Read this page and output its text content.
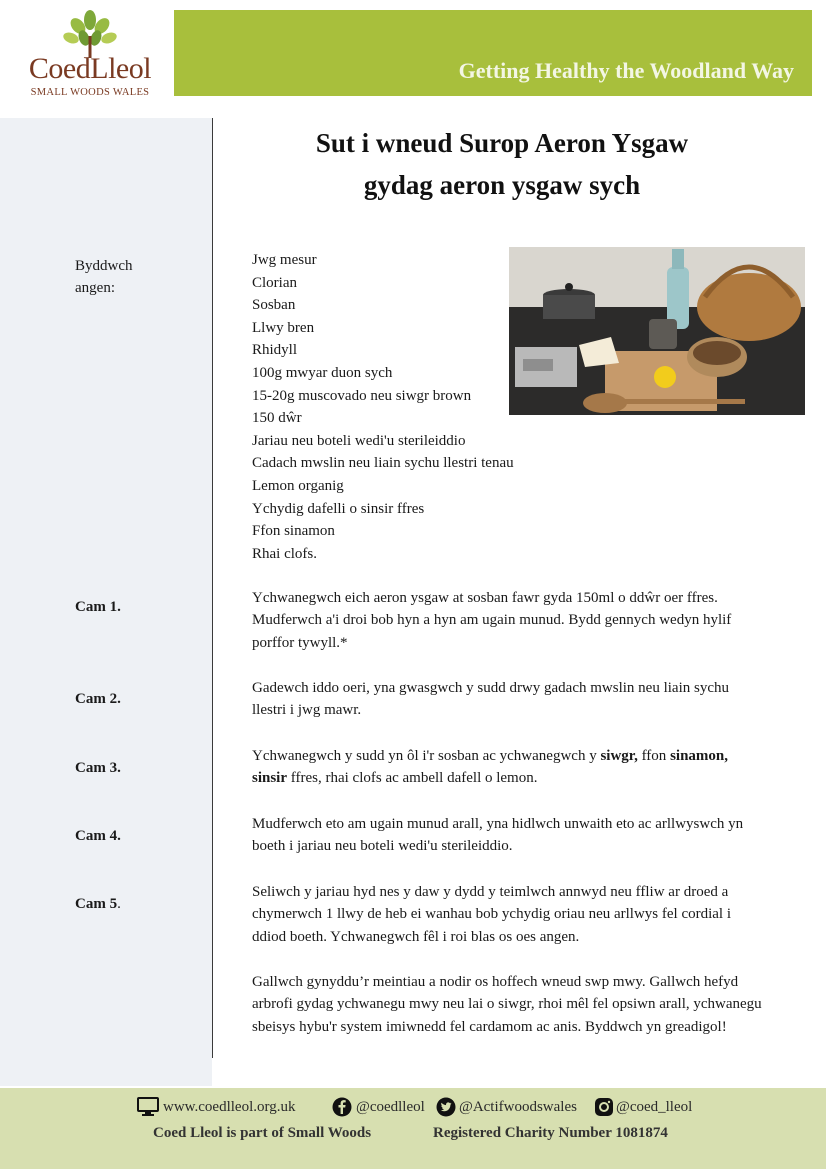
CoedLleol
SMALL WOODS WALES
Getting Healthy the Woodland Way
Sut i wneud Surop Aeron Ysgaw
gydag aeron ysgaw sych
Byddwch
angen:
Jwg mesur
Clorian
Sosban
Llwy bren
Rhidyll
100g mwyar duon sych
15-20g muscovado neu siwgr brown
150 dŵr
Jariau neu boteli wedi'u sterileiddio
Cadach mwslin neu liain sychu llestri tenau
Lemon organig
Ychydig dafelli o sinsir ffres
Ffon sinamon
Rhai clofs.
Cam 1.
Ychwanegwch eich aeron ysgaw at sosban fawr gyda 150ml o ddŵr oer ffres. Mudferwch a'i droi bob hyn a hyn am ugain munud. Bydd gennych wedyn hylif porffor tywyll.*
Cam 2.
Gadewch iddo oeri, yna gwasgwch y sudd drwy gadach mwslin neu liain sychu llestri i jwg mawr.
Cam 3.
Ychwanegwch y sudd yn ôl i'r sosban ac ychwanegwch y siwgr, ffon sinamon, sinsir ffres, rhai clofs ac ambell dafell o lemon.
Cam 4.
Mudferwch eto am ugain munud arall, yna hidlwch unwaith eto ac arllwyswch yn boeth i jariau neu boteli wedi'u sterileiddio.
Cam 5.
Seliwch y jariau hyd nes y daw y dydd y teimlwch annwyd neu ffliw ar droed a chymerwch 1 llwy de heb ei wanhau bob ychydig oriau neu arllwys fel cordial i ddiod boeth. Ychwanegwch fêl i roi blas os oes angen.
Gallwch gynyddu’r meintiau a nodir os hoffech wneud swp mwy. Gallwch hefyd arbrofi gydag ychwanegu mwy neu lai o siwgr, rhoi mêl fel opsiwn arall, ychwanegu sbeisys hybu'r system imiwnedd fel cardamom ac anis. Byddwch yn greadigol!
www.coedlleol.org.uk	@coedlleol @Actifwoodswales	@coed_lleol
Coed Lleol is part of Small Woods	Registered Charity Number 1081874
